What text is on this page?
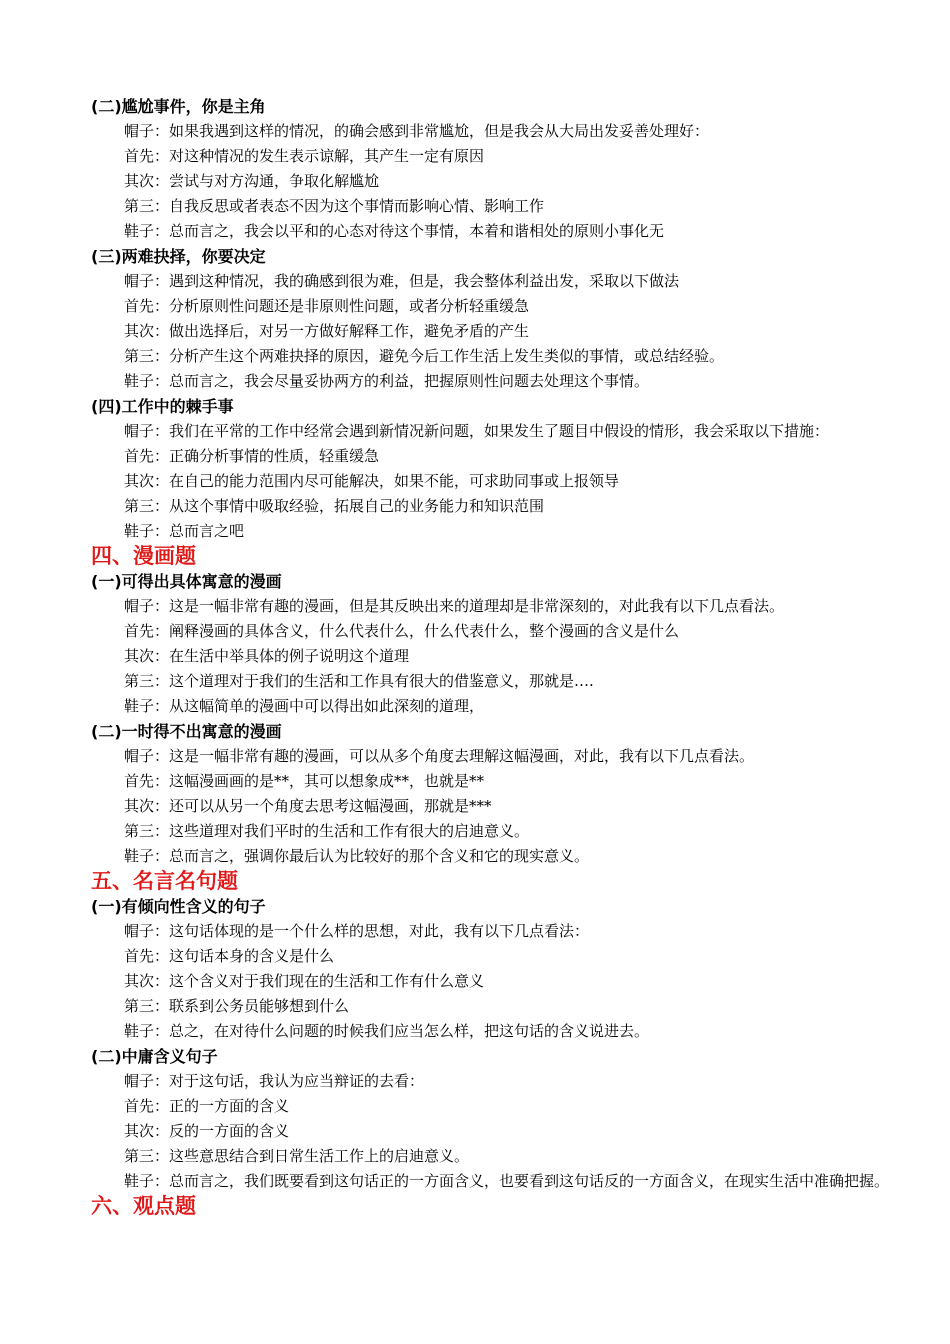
(二)尴尬事件，你是主角
帽子：如果我遇到这样的情况，的确会感到非常尴尬，但是我会从大局出发妥善处理好：
首先：对这种情况的发生表示谅解，其产生一定有原因
其次：尝试与对方沟通，争取化解尴尬
第三：自我反思或者表态不因为这个事情而影响心情、影响工作
鞋子：总而言之，我会以平和的心态对待这个事情，本着和谐相处的原则小事化无
(三)两难抉择，你要决定
帽子：遇到这种情况，我的确感到很为难，但是，我会整体利益出发，采取以下做法
首先：分析原则性问题还是非原则性问题，或者分析轻重缓急
其次：做出选择后，对另一方做好解释工作，避免矛盾的产生
第三：分析产生这个两难抉择的原因，避免今后工作生活上发生类似的事情，或总结经验。
鞋子：总而言之，我会尽量妥协两方的利益，把握原则性问题去处理这个事情。
(四)工作中的棘手事
帽子：我们在平常的工作中经常会遇到新情况新问题，如果发生了题目中假设的情形，我会采取以下措施：
首先：正确分析事情的性质，轻重缓急
其次：在自己的能力范围内尽可能解决，如果不能，可求助同事或上报领导
第三：从这个事情中吸取经验，拓展自己的业务能力和知识范围
鞋子：总而言之吧
四、漫画题
(一)可得出具体寓意的漫画
帽子：这是一幅非常有趣的漫画，但是其反映出来的道理却是非常深刻的，对此我有以下几点看法。
首先：阐释漫画的具体含义，什么代表什么，什么代表什么，整个漫画的含义是什么
其次：在生活中举具体的例子说明这个道理
第三：这个道理对于我们的生活和工作具有很大的借鉴意义，那就是….
鞋子：从这幅简单的漫画中可以得出如此深刻的道理，
(二)一时得不出寓意的漫画
帽子：这是一幅非常有趣的漫画，可以从多个角度去理解这幅漫画，对此，我有以下几点看法。
首先：这幅漫画画的是**，其可以想象成**，也就是**
其次：还可以从另一个角度去思考这幅漫画，那就是***
第三：这些道理对我们平时的生活和工作有很大的启迪意义。
鞋子：总而言之，强调你最后认为比较好的那个含义和它的现实意义。
五、名言名句题
(一)有倾向性含义的句子
帽子：这句话体现的是一个什么样的思想，对此，我有以下几点看法：
首先：这句话本身的含义是什么
其次：这个含义对于我们现在的生活和工作有什么意义
第三：联系到公务员能够想到什么
鞋子：总之，在对待什么问题的时候我们应当怎么样，把这句话的含义说进去。
(二)中庸含义句子
帽子：对于这句话，我认为应当辩证的去看：
首先：正的一方面的含义
其次：反的一方面的含义
第三：这些意思结合到日常生活工作上的启迪意义。
鞋子：总而言之，我们既要看到这句话正的一方面含义，也要看到这句话反的一方面含义，在现实生活中准确把握。
六、观点题
